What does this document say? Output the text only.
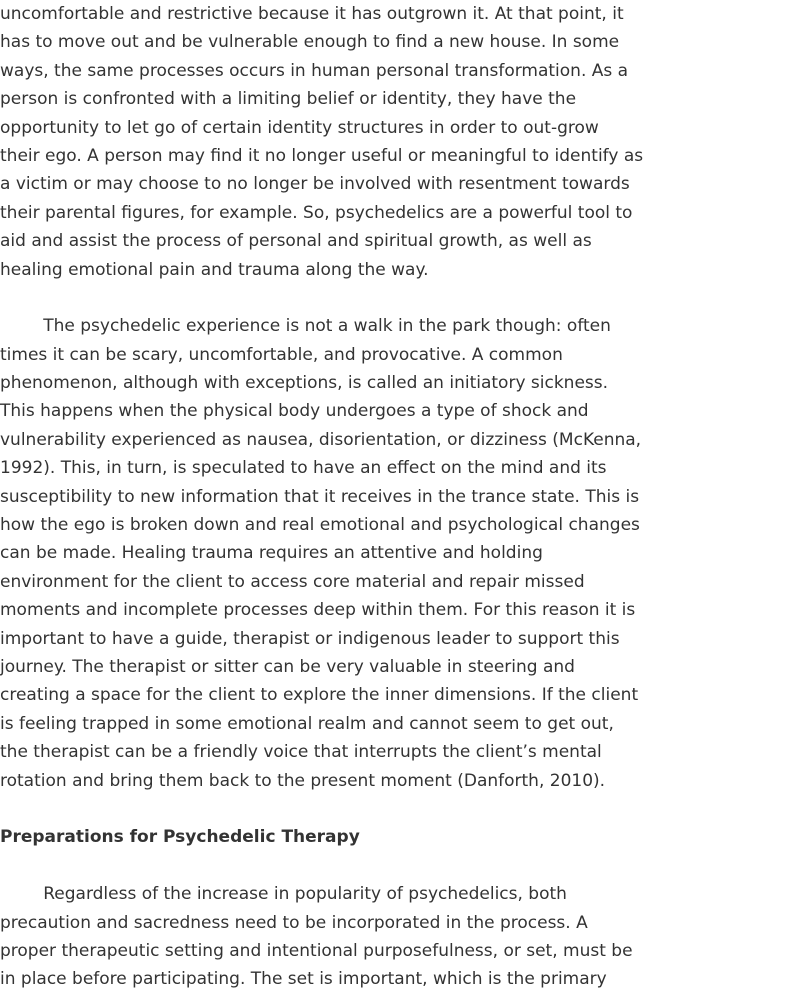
uncomfortable and restrictive because it has outgrown it. At that point, it
has to move out and be vulnerable enough to find a new house. In some
ways, the same processes occurs in human personal transformation. As a
person is confronted with a limiting belief or identity, they have the
opportunity to let go of certain identity structures in order to out-grow
their ego. A person may find it no longer useful or meaningful to identify as
a victim or may choose to no longer be involved with resentment towards
their parental figures, for example. So, psychedelics are a powerful tool to
aid and assist the process of personal and spiritual growth, as well as
healing emotional pain and trauma along the way.
The psychedelic experience is not a walk in the park though: often
times it can be scary, uncomfortable, and provocative. A common
phenomenon, although with exceptions, is called an initiatory sickness.
This happens when the physical body undergoes a type of shock and
vulnerability experienced as nausea, disorientation, or dizziness (McKenna,
1992). This, in turn, is speculated to have an effect on the mind and its
susceptibility to new information that it receives in the trance state. This is
how the ego is broken down and real emotional and psychological changes
can be made. Healing trauma requires an attentive and holding
environment for the client to access core material and repair missed
moments and incomplete processes deep within them. For this reason it is
important to have a guide, therapist or indigenous leader to support this
journey. The therapist or sitter can be very valuable in steering and
creating a space for the client to explore the inner dimensions. If the client
is feeling trapped in some emotional realm and cannot seem to get out,
the therapist can be a friendly voice that interrupts the client’s mental
rotation and bring them back to the present moment (Danforth, 2010).
Preparations for Psychedelic Therapy
Regardless of the increase in popularity of psychedelics, both
precaution and sacredness need to be incorporated in the process. A
proper therapeutic setting and intentional purposefulness, or set, must be
in place before participating. The set is important, which is the primary
